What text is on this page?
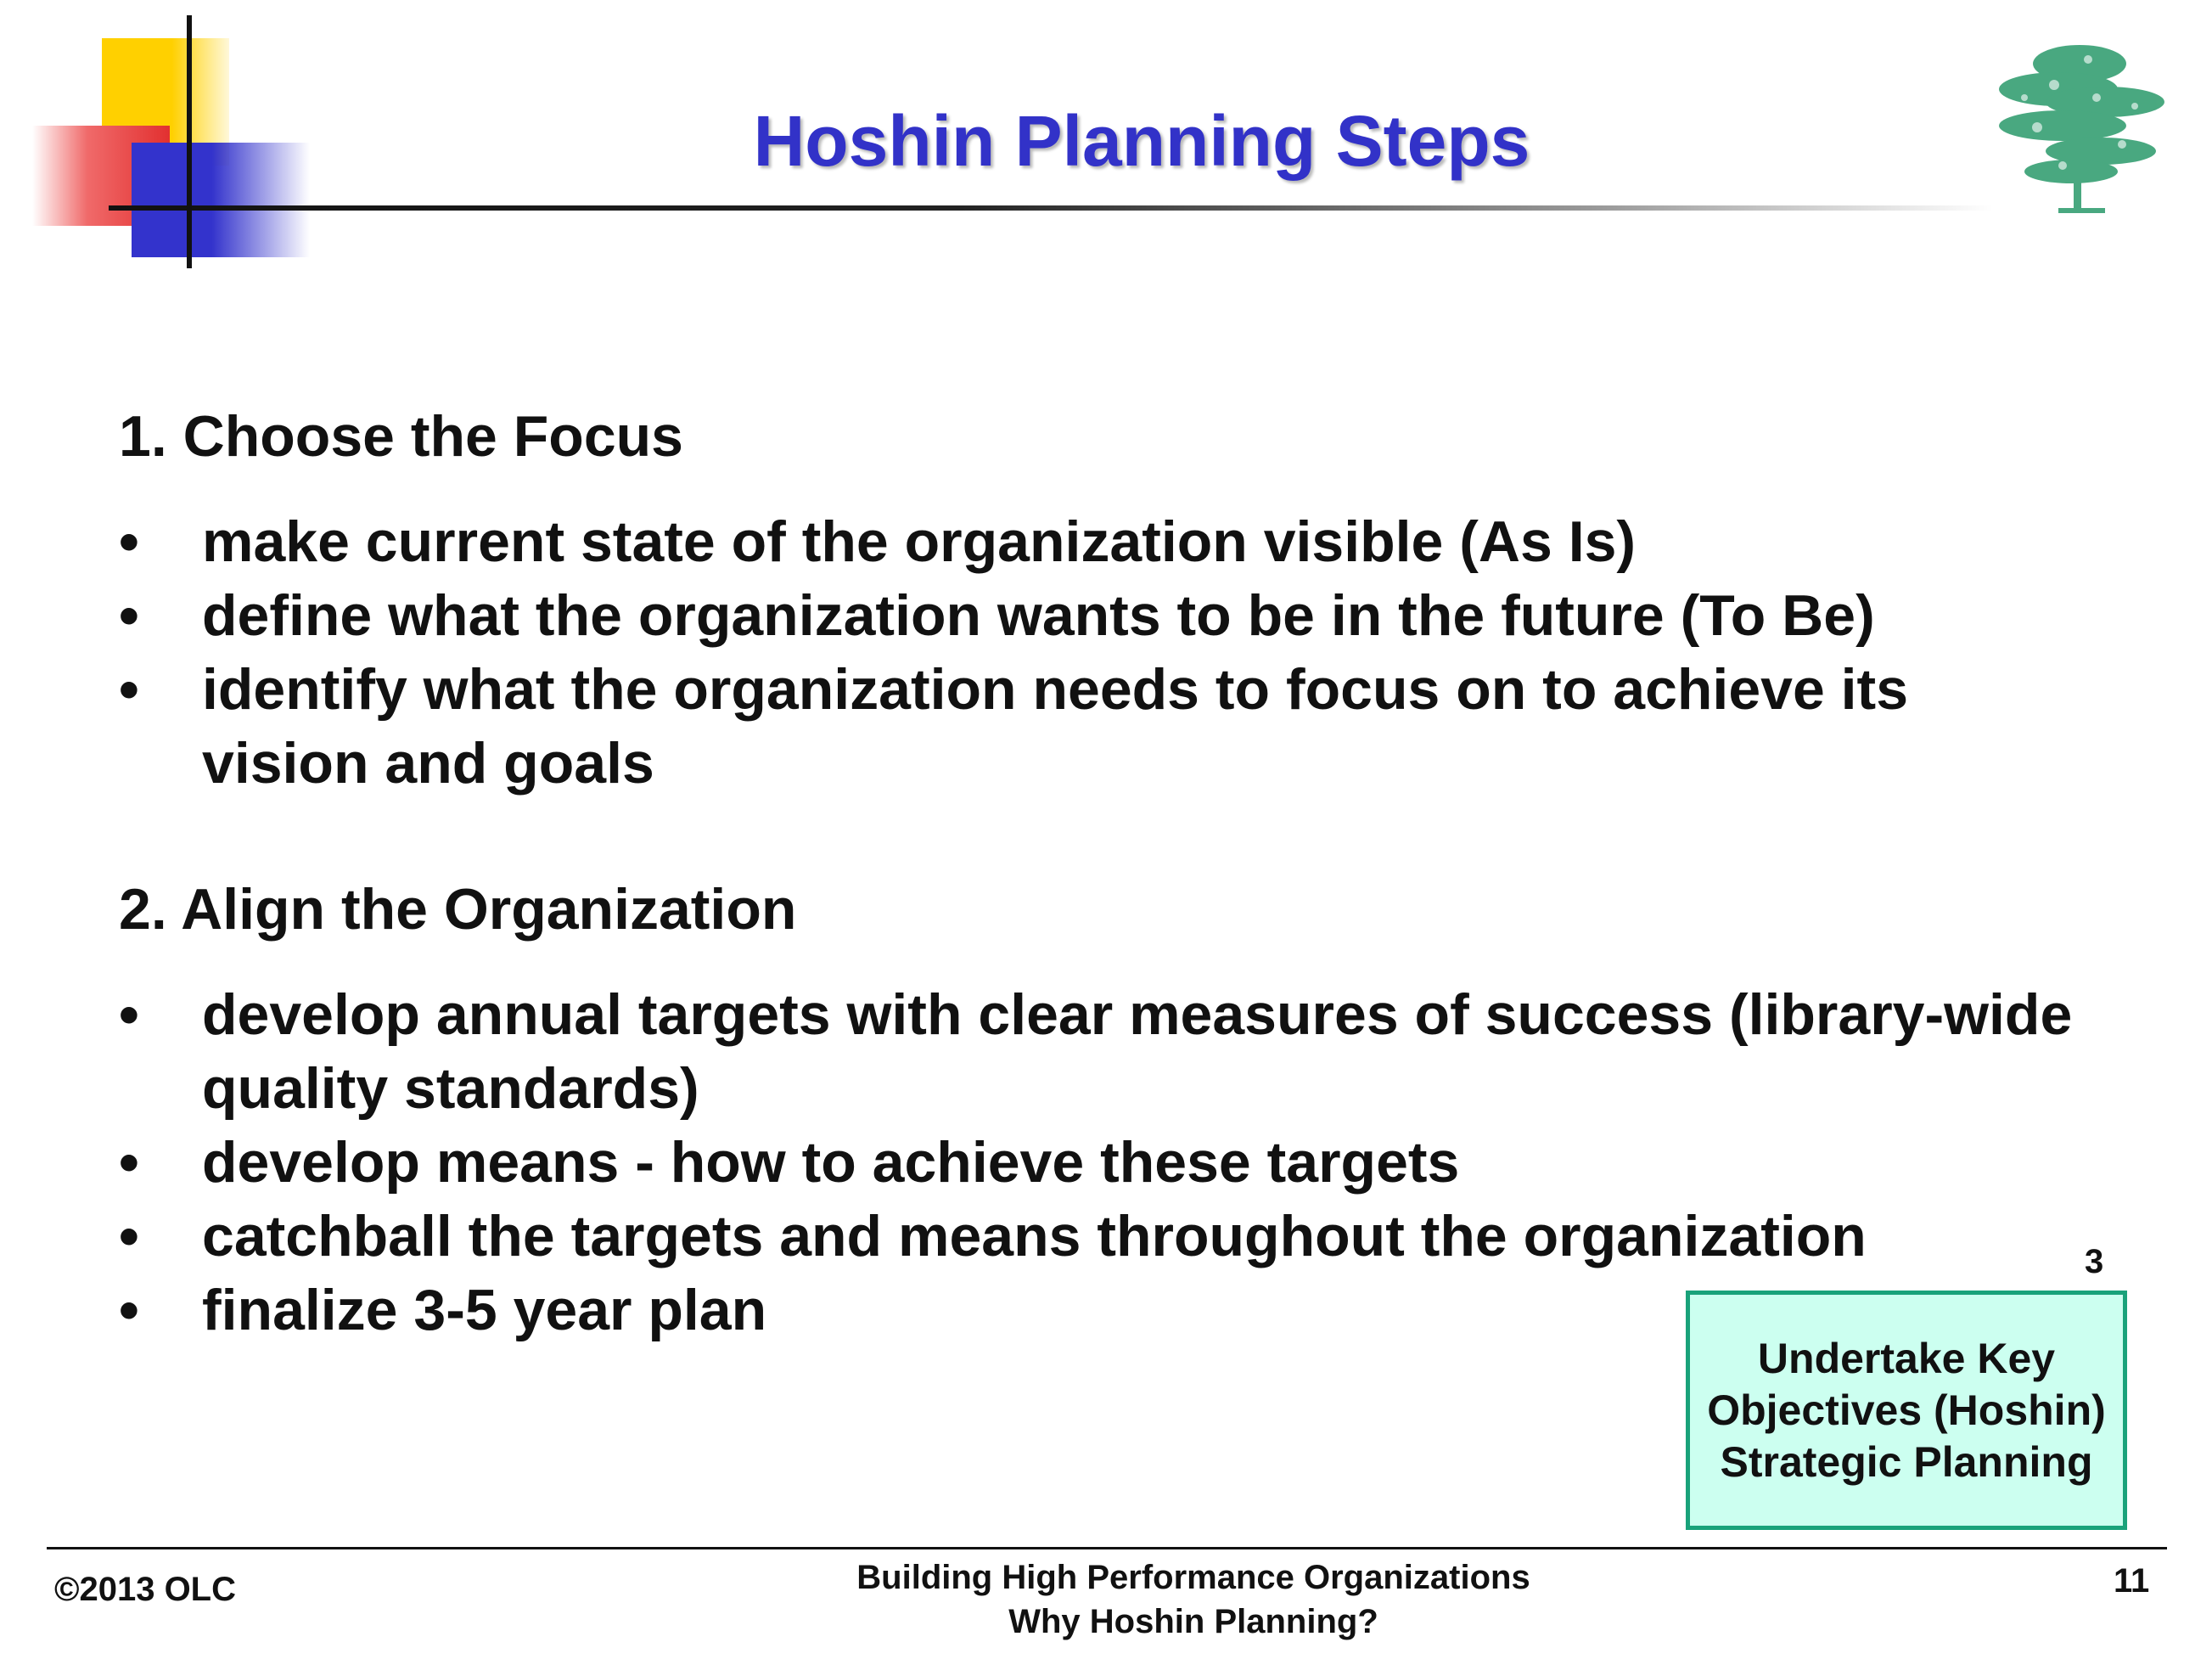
Hoshin Planning Steps
1. Choose the Focus
• make current state of the organization visible (As Is)
• define what the organization wants to be in the future (To Be)
• identify what the organization needs to focus on to achieve its vision and goals
2. Align the Organization
• develop annual targets with clear measures of success (library-wide quality standards)
• develop means - how to achieve these targets
• catchball the targets and means throughout the organization
• finalize 3-5 year plan
3
Undertake Key Objectives (Hoshin) Strategic Planning
©2013 OLC	Building High Performance Organizations
Why Hoshin Planning?
11
